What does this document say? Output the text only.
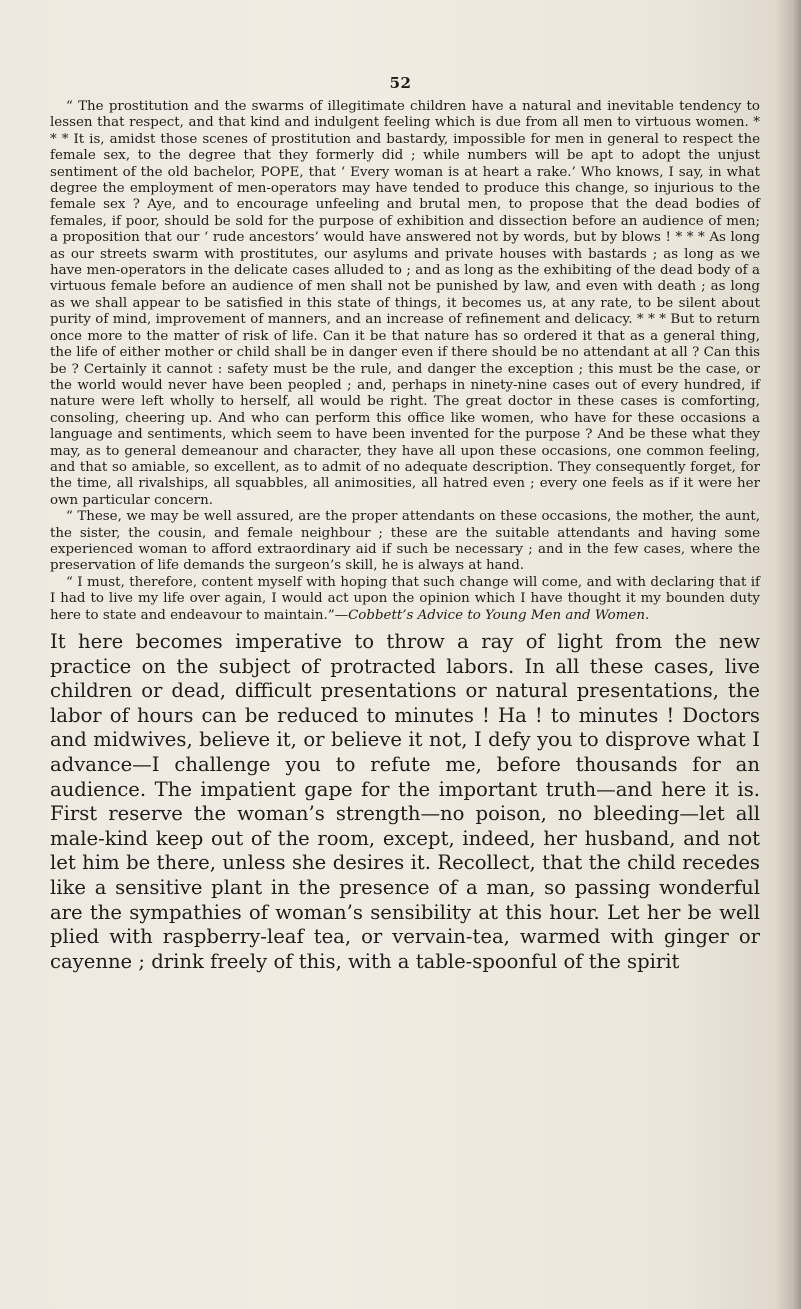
52

“ The prostitution and the swarms of illegitimate children have a natural and inevitable tendency to lessen that respect, and that kind and indulgent feeling which is due from all men to virtuous women. * * * It is, amidst those scenes of prostitution and bastardy, impossible for men in general to respect the female sex, to the degree that they formerly did ; while numbers will be apt to adopt the unjust sentiment of the old bachelor, POPE, that ‘ Every woman is at heart a rake.’ Who knows, I say, in what degree the employment of men-operators may have tended to produce this change, so injurious to the female sex ? Aye, and to encourage unfeeling and brutal men, to propose that the dead bodies of females, if poor, should be sold for the purpose of exhibition and dissection before an audience of men; a proposition that our ‘ rude ancestors’ would have answered not by words, but by blows ! * * * As long as our streets swarm with prostitutes, our asylums and private houses with bastards ; as long as we have men-operators in the delicate cases alluded to ; and as long as the exhibiting of the dead body of a virtuous female before an audience of men shall not be punished by law, and even with death ; as long as we shall appear to be satisfied in this state of things, it becomes us, at any rate, to be silent about purity of mind, improvement of manners, and an increase of refinement and delicacy. * * * But to return once more to the matter of risk of life. Can it be that nature has so ordered it that as a general thing, the life of either mother or child shall be in danger even if there should be no attendant at all ? Can this be ? Certainly it cannot : safety must be the rule, and danger the exception ; this must be the case, or the world would never have been peopled ; and, perhaps in ninety-nine cases out of every hundred, if nature were left wholly to herself, all would be right. The great doctor in these cases is comforting, consoling, cheering up. And who can perform this office like women, who have for these occasions a language and sentiments, which seem to have been invented for the purpose ? And be these what they may, as to general demeanour and character, they have all upon these occasions, one common feeling, and that so amiable, so excellent, as to admit of no adequate description. They consequently forget, for the time, all rivalships, all squabbles, all animosities, all hatred even ; every one feels as if it were her own particular concern.

“ These, we may be well assured, are the proper attendants on these occasions, the mother, the aunt, the sister, the cousin, and female neighbour ; these are the suitable attendants and having some experienced woman to afford extraordinary aid if such be necessary ; and in the few cases, where the preservation of life demands the surgeon’s skill, he is always at hand.

“ I must, therefore, content myself with hoping that such change will come, and with declaring that if I had to live my life over again, I would act upon the opinion which I have thought it my bounden duty here to state and endeavour to maintain.”—Cobbett’s Advice to Young Men and Women.

It here becomes imperative to throw a ray of light from the new practice on the subject of protracted labors. In all these cases, live children or dead, difficult presentations or natural presentations, the labor of hours can be reduced to minutes ! Ha ! to minutes ! Doctors and midwives, believe it, or believe it not, I defy you to disprove what I advance—I challenge you to refute me, before thousands for an audience. The impatient gape for the important truth—and here it is. First reserve the woman’s strength—no poison, no bleeding—let all male-kind keep out of the room, except, indeed, her husband, and not let him be there, unless she desires it. Recollect, that the child recedes like a sensitive plant in the presence of a man, so passing wonderful are the sympathies of woman’s sensibility at this hour. Let her be well plied with raspberry-leaf tea, or vervain-tea, warmed with ginger or cayenne ; drink freely of this, with a table-spoonful of the spirit
